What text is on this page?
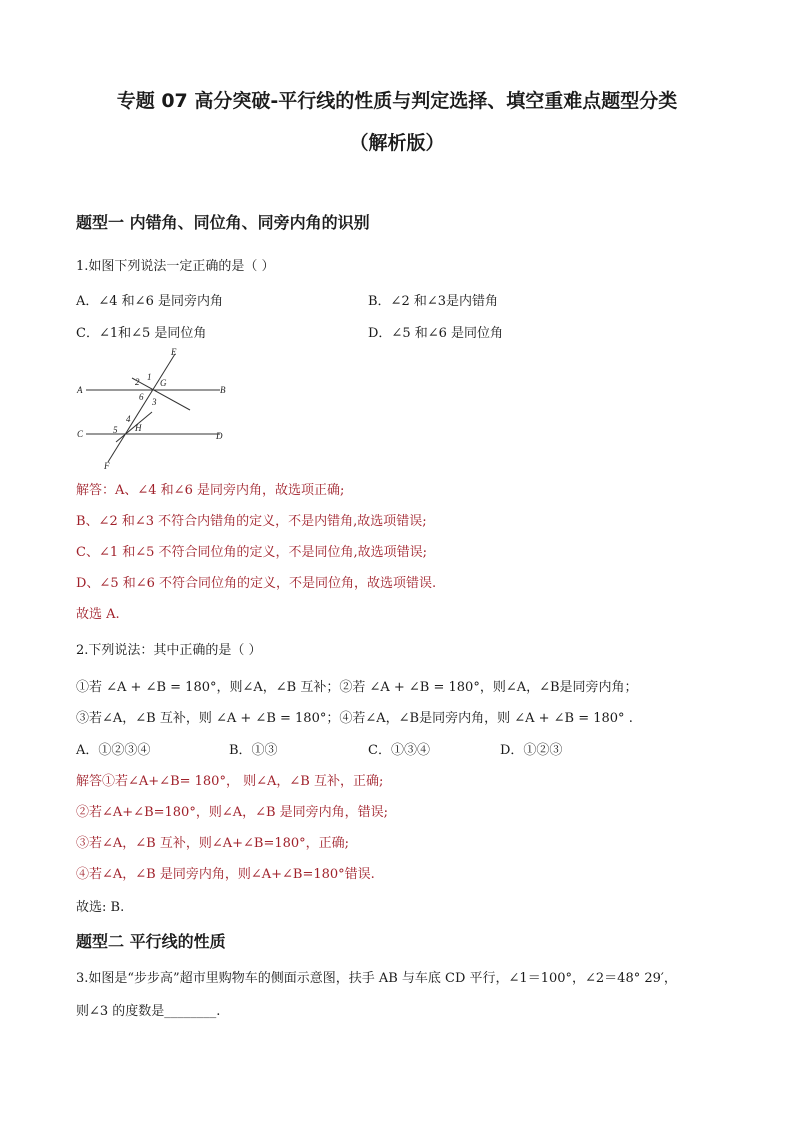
专题 07 高分突破-平行线的性质与判定选择、填空重难点题型分类
（解析版）
题型一 内错角、同位角、同旁内角的识别
1.如图下列说法一定正确的是（ ）
A．∠4 和∠6 是同旁内角	B．∠2 和∠3是内错角
C．∠1和∠5 是同位角	D．∠5 和∠6 是同位角
E
A	B
1
2 G
6 3
C	D
4
5 H
F
解答：A、∠4 和∠6 是同旁内角，故选项正确;
B、∠2 和∠3 不符合内错角的定义，不是内错角,故选项错误;
C、∠1 和∠5 不符合同位角的定义，不是同位角,故选项错误;
D、∠5 和∠6 不符合同位角的定义，不是同位角，故选项错误.
故选 A.
2.下列说法：其中正确的是（ ）
①若 ∠A + ∠B = 180°，则∠A，∠B 互补；②若 ∠A + ∠B = 180°，则∠A，∠B是同旁内角；
③若∠A，∠B 互补，则 ∠A + ∠B = 180°；④若∠A，∠B是同旁内角，则 ∠A + ∠B = 180° .
A．①②③④	B．①③	C．①③④	D．①②③
解答①若∠A+∠B= 180°， 则∠A，∠B 互补，正确;
②若∠A+∠B=180°，则∠A，∠B 是同旁内角，错误;
③若∠A，∠B 互补，则∠A+∠B=180°，正确;
④若∠A，∠B 是同旁内角，则∠A+∠B=180°错误.
故选: B.
题型二 平行线的性质
3.如图是“步步高”超市里购物车的侧面示意图，扶手 AB 与车底 CD 平行，∠1＝100°，∠2＝48° 29′，
则∠3 的度数是________.
